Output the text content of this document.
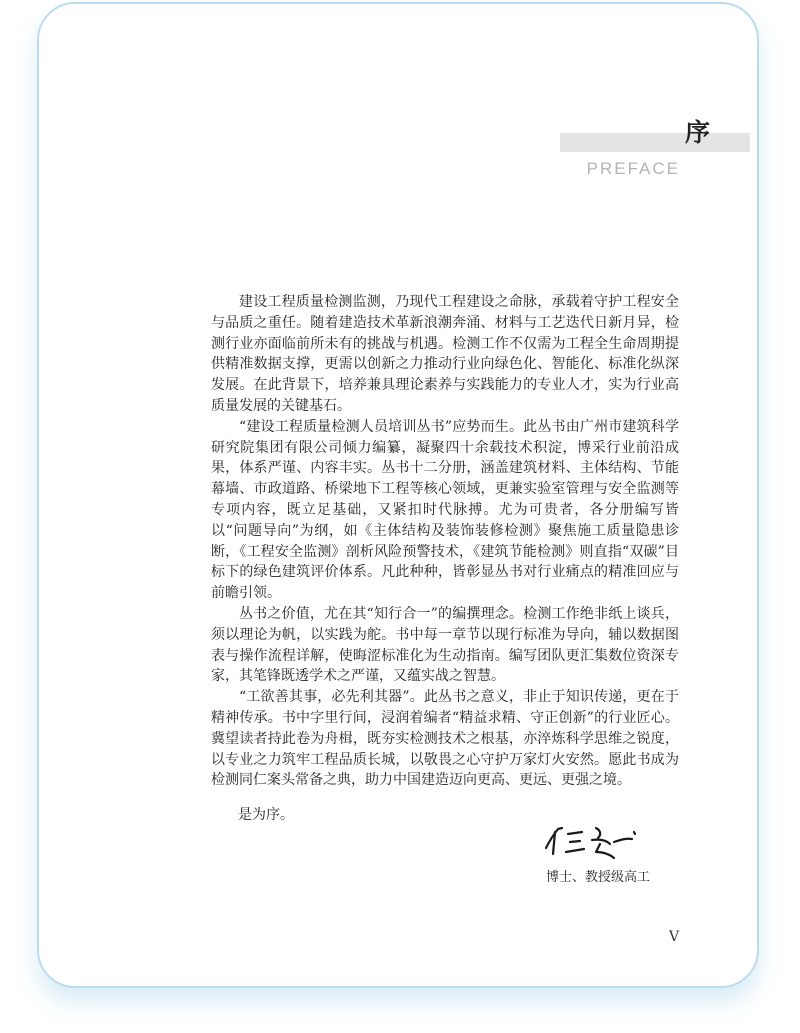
序
PREFACE

建设工程质量检测监测，乃现代工程建设之命脉，承载着守护工程安全与品质之重任。随着建造技术革新浪潮奔涌、材料与工艺迭代日新月异，检测行业亦面临前所未有的挑战与机遇。检测工作不仅需为工程全生命周期提供精准数据支撑，更需以创新之力推动行业向绿色化、智能化、标准化纵深发展。在此背景下，培养兼具理论素养与实践能力的专业人才，实为行业高质量发展的关键基石。

“建设工程质量检测人员培训丛书”应势而生。此丛书由广州市建筑科学研究院集团有限公司倾力编纂，凝聚四十余载技术积淀，博采行业前沿成果，体系严谨、内容丰实。丛书十二分册，涵盖建筑材料、主体结构、节能幕墙、市政道路、桥梁地下工程等核心领域，更兼实验室管理与安全监测等专项内容，既立足基础，又紧扣时代脉搏。尤为可贵者，各分册编写皆以“问题导向”为纲，如《主体结构及装饰装修检测》聚焦施工质量隐患诊断，《工程安全监测》剖析风险预警技术，《建筑节能检测》则直指“双碳”目标下的绿色建筑评价体系。凡此种种，皆彰显丛书对行业痛点的精准回应与前瞻引领。

丛书之价值，尤在其“知行合一”的编撰理念。检测工作绝非纸上谈兵，须以理论为帆，以实践为舵。书中每一章节以现行标准为导向，辅以数据图表与操作流程详解，使晦涩标准化为生动指南。编写团队更汇集数位资深专家，其笔锋既透学术之严谨，又蕴实战之智慧。

“工欲善其事，必先利其器”。此丛书之意义，非止于知识传递，更在于精神传承。书中字里行间，浸润着编者“精益求精、守正创新”的行业匠心。冀望读者持此卷为舟楫，既夯实检测技术之根基，亦淬炼科学思维之锐度，以专业之力筑牢工程品质长城，以敬畏之心守护万家灯火安然。愿此书成为检测同仁案头常备之典，助力中国建造迈向更高、更远、更强之境。

是为序。
博士、教授级高工
V
